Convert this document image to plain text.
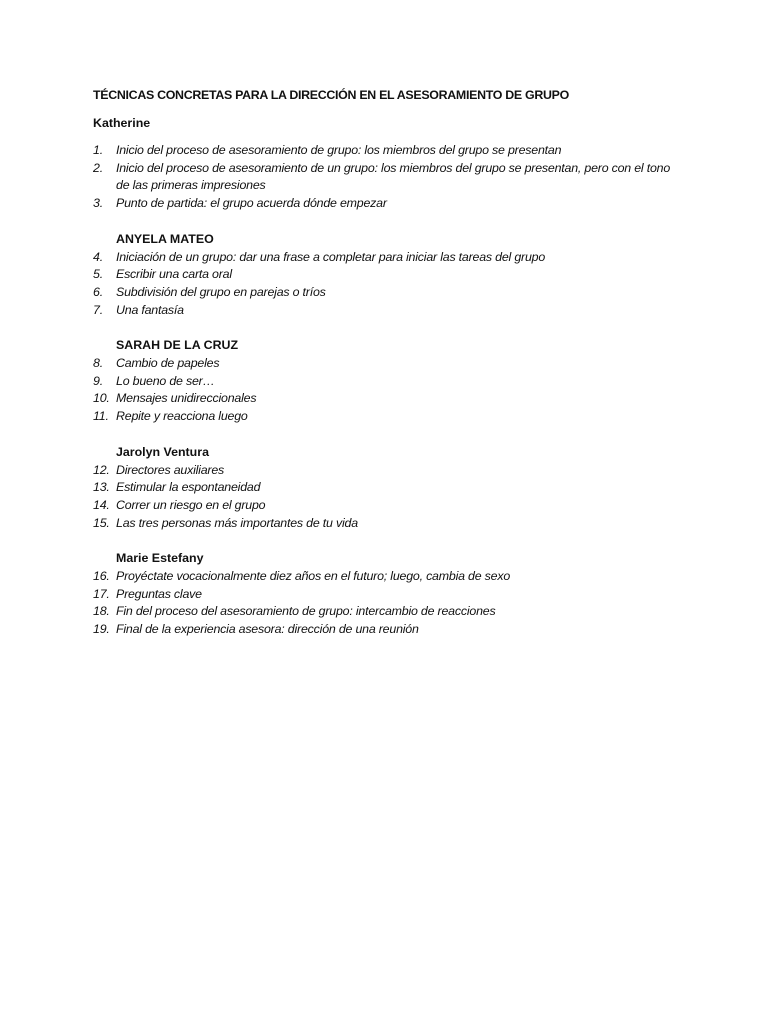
TÉCNICAS CONCRETAS PARA LA DIRECCIÓN EN EL ASESORAMIENTO DE GRUPO
Katherine
1.	Inicio del proceso de asesoramiento de grupo: los miembros del grupo se presentan
2.	Inicio del proceso de asesoramiento de un grupo: los miembros del grupo se presentan, pero con el tono de las primeras impresiones
3.	Punto de partida: el grupo acuerda dónde empezar
ANYELA MATEO
4.	Iniciación de un grupo: dar una frase a completar para iniciar las tareas del grupo
5.	Escribir una carta oral
6.	Subdivisión del grupo en parejas o tríos
7.	Una fantasía
SARAH DE LA CRUZ
8.	Cambio de papeles
9.	Lo bueno de ser…
10. Mensajes unidireccionales
11. Repite y reacciona luego
Jarolyn Ventura
12. Directores auxiliares
13. Estimular la espontaneidad
14. Correr un riesgo en el grupo
15. Las tres personas más importantes de tu vida
Marie Estefany
16. Proyéctate vocacionalmente diez años en el futuro; luego, cambia de sexo
17. Preguntas clave
18. Fin del proceso del asesoramiento de grupo: intercambio de reacciones
19. Final de la experiencia asesora: dirección de una reunión
